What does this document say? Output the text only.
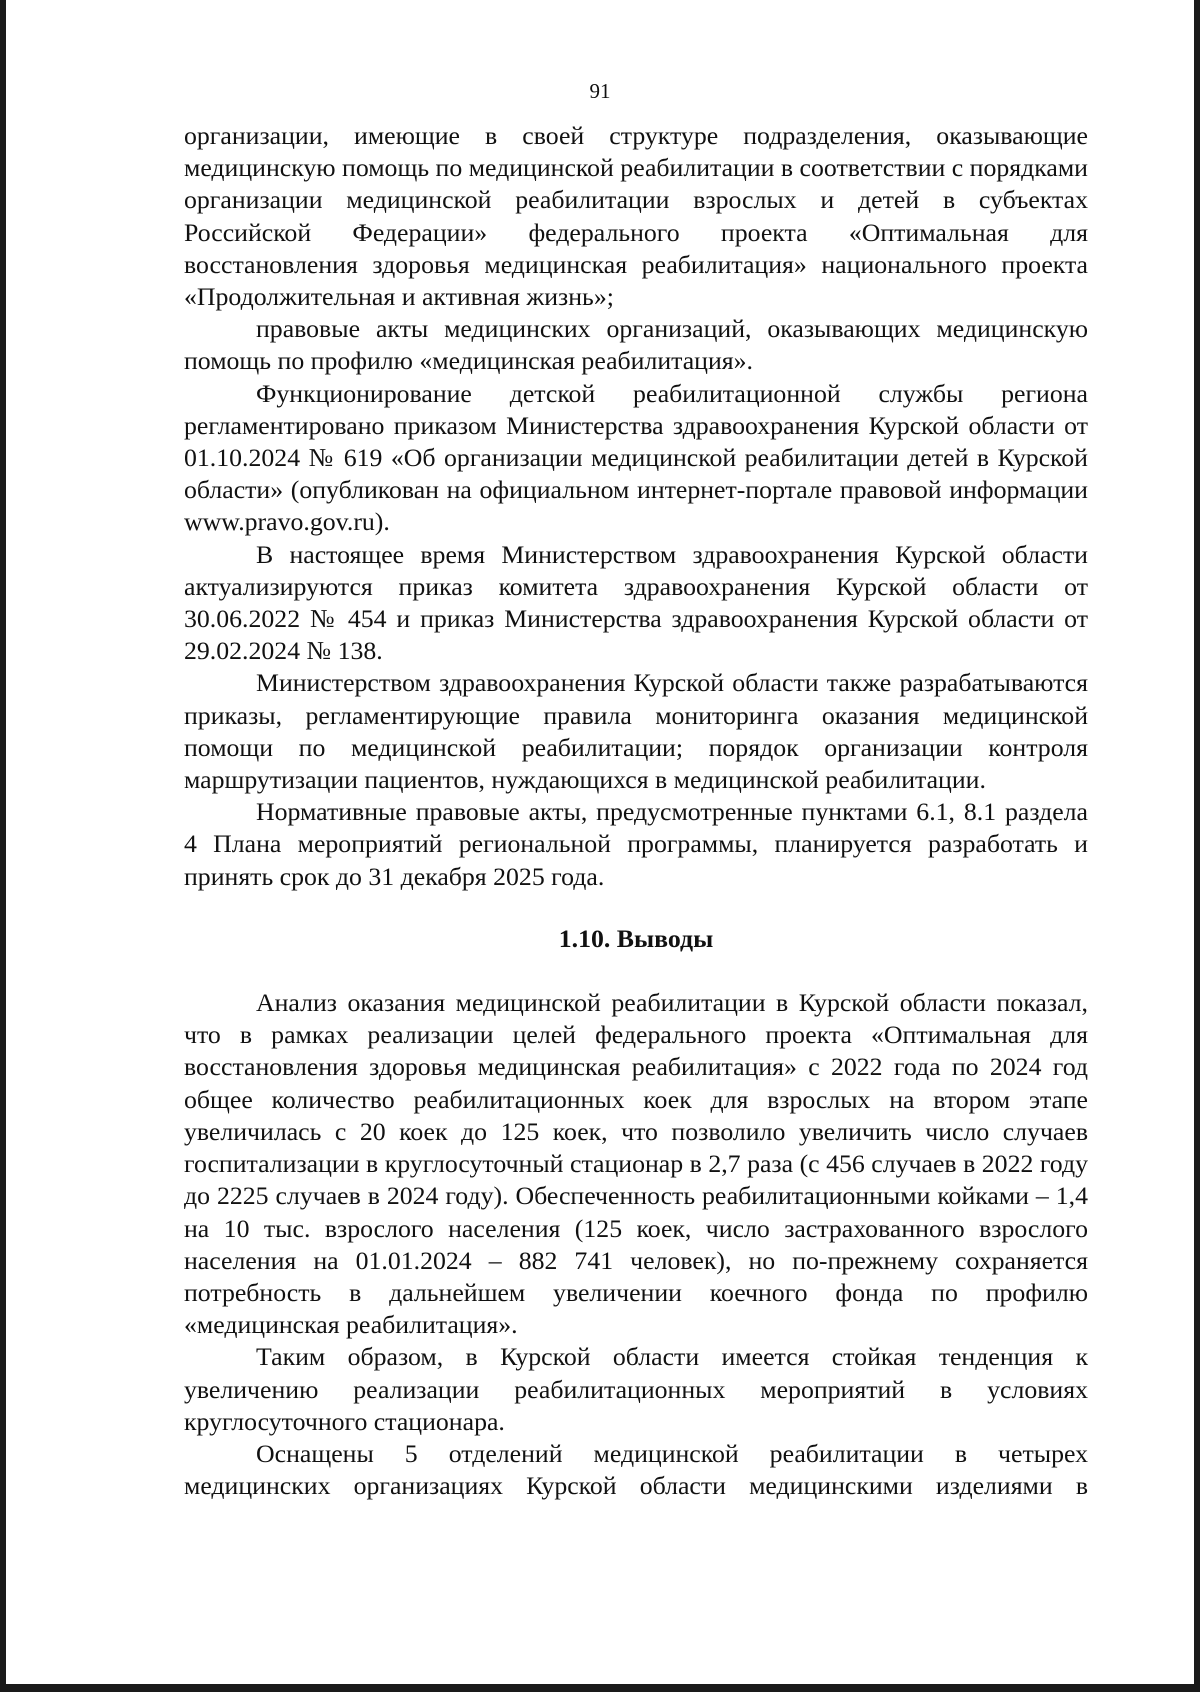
91

организации, имеющие в своей структуре подразделения, оказывающие медицинскую помощь по медицинской реабилитации в соответствии с порядками организации медицинской реабилитации взрослых и детей в субъектах Российской Федерации» федерального проекта «Оптимальная для восстановления здоровья медицинская реабилитация» национального проекта «Продолжительная и активная жизнь»;

правовые акты медицинских организаций, оказывающих медицинскую помощь по профилю «медицинская реабилитация».

Функционирование детской реабилитационной службы региона регламентировано приказом Министерства здравоохранения Курской области от 01.10.2024 № 619 «Об организации медицинской реабилитации детей в Курской области» (опубликован на официальном интернет-портале правовой информации www.pravo.gov.ru).

В настоящее время Министерством здравоохранения Курской области актуализируются приказ комитета здравоохранения Курской области от 30.06.2022 № 454 и приказ Министерства здравоохранения Курской области от 29.02.2024 № 138.

Министерством здравоохранения Курской области также разрабатываются приказы, регламентирующие правила мониторинга оказания медицинской помощи по медицинской реабилитации; порядок организации контроля маршрутизации пациентов, нуждающихся в медицинской реабилитации.

Нормативные правовые акты, предусмотренные пунктами 6.1, 8.1 раздела 4 Плана мероприятий региональной программы, планируется разработать и принять срок до 31 декабря 2025 года.

1.10. Выводы

Анализ оказания медицинской реабилитации в Курской области показал, что в рамках реализации целей федерального проекта «Оптимальная для восстановления здоровья медицинская реабилитация» с 2022 года по 2024 год общее количество реабилитационных коек для взрослых на втором этапе увеличилась с 20 коек до 125 коек, что позволило увеличить число случаев госпитализации в круглосуточный стационар в 2,7 раза (с 456 случаев в 2022 году до 2225 случаев в 2024 году). Обеспеченность реабилитационными койками – 1,4 на 10 тыс. взрослого населения (125 коек, число застрахованного взрослого населения на 01.01.2024 – 882 741 человек), но по-прежнему сохраняется потребность в дальнейшем увеличении коечного фонда по профилю «медицинская реабилитация».

Таким образом, в Курской области имеется стойкая тенденция к увеличению реализации реабилитационных мероприятий в условиях круглосуточного стационара.

Оснащены 5 отделений медицинской реабилитации в четырех медицинских организациях Курской области медицинскими изделиями в
